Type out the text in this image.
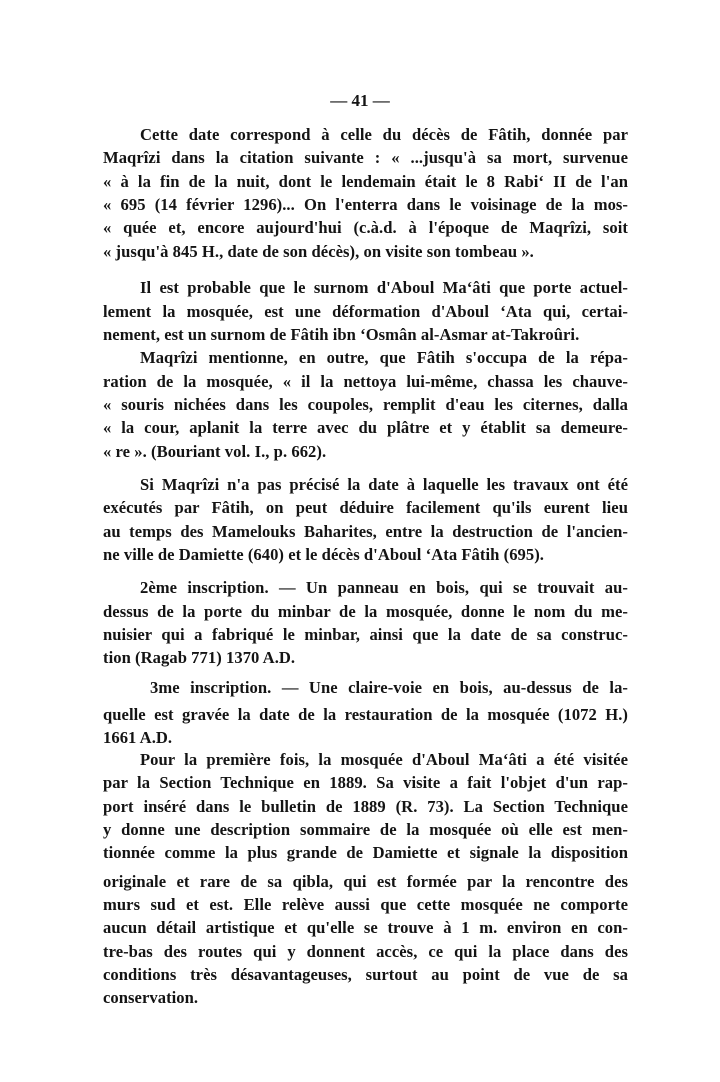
— 41 —
Cette date correspond à celle du décès de Fâtih, donnée par
Maqrîzi dans la citation suivante : « ...jusqu'à sa mort, survenue
« à la fin de la nuit, dont le lendemain était le 8 Rabi‘ II de l'an
« 695 (14 février 1296)... On l'enterra dans le voisinage de la mos-
« quée et, encore aujourd'hui (c.à.d. à l'époque de Maqrîzi, soit
« jusqu'à 845 H., date de son décès), on visite son tombeau ».
Il est probable que le surnom d'Aboul Ma‘âti que porte actuel-
lement la mosquée, est une déformation d'Aboul ‘Ata qui, certai-
nement, est un surnom de Fâtih ibn ‘Osmân al-Asmar at-Takroûri.
Maqrîzi mentionne, en outre, que Fâtih s'occupa de la répa-
ration de la mosquée, « il la nettoya lui-même, chassa les chauve-
« souris nichées dans les coupoles, remplit d'eau les citernes, dalla
« la cour, aplanit la terre avec du plâtre et y établit sa demeure-
« re ». (Bouriant vol. I., p. 662).
Si Maqrîzi n'a pas précisé la date à laquelle les travaux ont été
exécutés par Fâtih, on peut déduire facilement qu'ils eurent lieu
au temps des Mamelouks Baharites, entre la destruction de l'ancien-
ne ville de Damiette (640) et le décès d'Aboul ‘Ata Fâtih (695).
2ème inscription. — Un panneau en bois, qui se trouvait au-
dessus de la porte du minbar de la mosquée, donne le nom du me-
nuisier qui a fabriqué le minbar, ainsi que la date de sa construc-
tion (Ragab 771) 1370 A.D.
3me inscription. — Une claire-voie en bois, au-dessus de la-
quelle est gravée la date de la restauration de la mosquée (1072 H.)
1661 A.D.
Pour la première fois, la mosquée d'Aboul Ma‘âti a été visitée
par la Section Technique en 1889. Sa visite a fait l'objet d'un rap-
port inséré dans le bulletin de 1889 (R. 73). La Section Technique
y donne une description sommaire de la mosquée où elle est men-
tionnée comme la plus grande de Damiette et signale la disposition
originale et rare de sa qibla, qui est formée par la rencontre des
murs sud et est. Elle relève aussi que cette mosquée ne comporte
aucun détail artistique et qu'elle se trouve à 1 m. environ en con-
tre-bas des routes qui y donnent accès, ce qui la place dans des
conditions très désavantageuses, surtout au point de vue de sa
conservation.
